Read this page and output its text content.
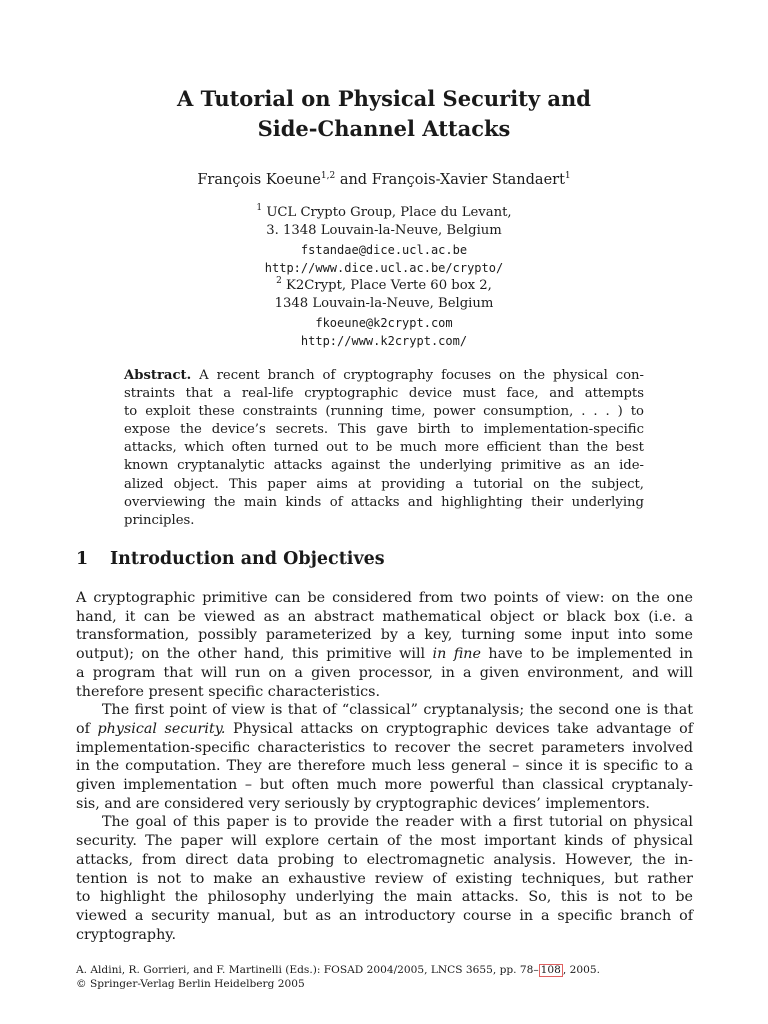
A Tutorial on Physical Security and
Side-Channel Attacks
François Koeune$^{1,2}$ and François-Xavier Standaert$^1$
$^1$ UCL Crypto Group, Place du Levant,
3. 1348 Louvain-la-Neuve, Belgium
fstandae@dice.ucl.ac.be
http://www.dice.ucl.ac.be/crypto/
$^2$ K2Crypt, Place Verte 60 box 2,
1348 Louvain-la-Neuve, Belgium
fkoeune@k2crypt.com
http://www.k2crypt.com/
Abstract. A recent branch of cryptography focuses on the physical con-
straints that a real-life cryptographic device must face, and attempts
to exploit these constraints (running time, power consumption, . . . ) to
expose the device’s secrets. This gave birth to implementation-specific
attacks, which often turned out to be much more efficient than the best
known cryptanalytic attacks against the underlying primitive as an ide-
alized object. This paper aims at providing a tutorial on the subject,
overviewing the main kinds of attacks and highlighting their underlying
principles.
1 Introduction and Objectives
A cryptographic primitive can be considered from two points of view: on the one
hand, it can be viewed as an abstract mathematical object or black box (i.e. a
transformation, possibly parameterized by a key, turning some input into some
output); on the other hand, this primitive will in fine have to be implemented in
a program that will run on a given processor, in a given environment, and will
therefore present specific characteristics.
The first point of view is that of “classical” cryptanalysis; the second one is that
of physical security. Physical attacks on cryptographic devices take advantage of
implementation-specific characteristics to recover the secret parameters involved
in the computation. They are therefore much less general – since it is specific to a
given implementation – but often much more powerful than classical cryptanaly-
sis, and are considered very seriously by cryptographic devices’ implementors.
The goal of this paper is to provide the reader with a first tutorial on physical
security. The paper will explore certain of the most important kinds of physical
attacks, from direct data probing to electromagnetic analysis. However, the in-
tention is not to make an exhaustive review of existing techniques, but rather
to highlight the philosophy underlying the main attacks. So, this is not to be
viewed a security manual, but as an introductory course in a specific branch of
cryptography.
A. Aldini, R. Gorrieri, and F. Martinelli (Eds.): FOSAD 2004/2005, LNCS 3655, pp. 78– 108 , 2005.
© Springer-Verlag Berlin Heidelberg 2005
